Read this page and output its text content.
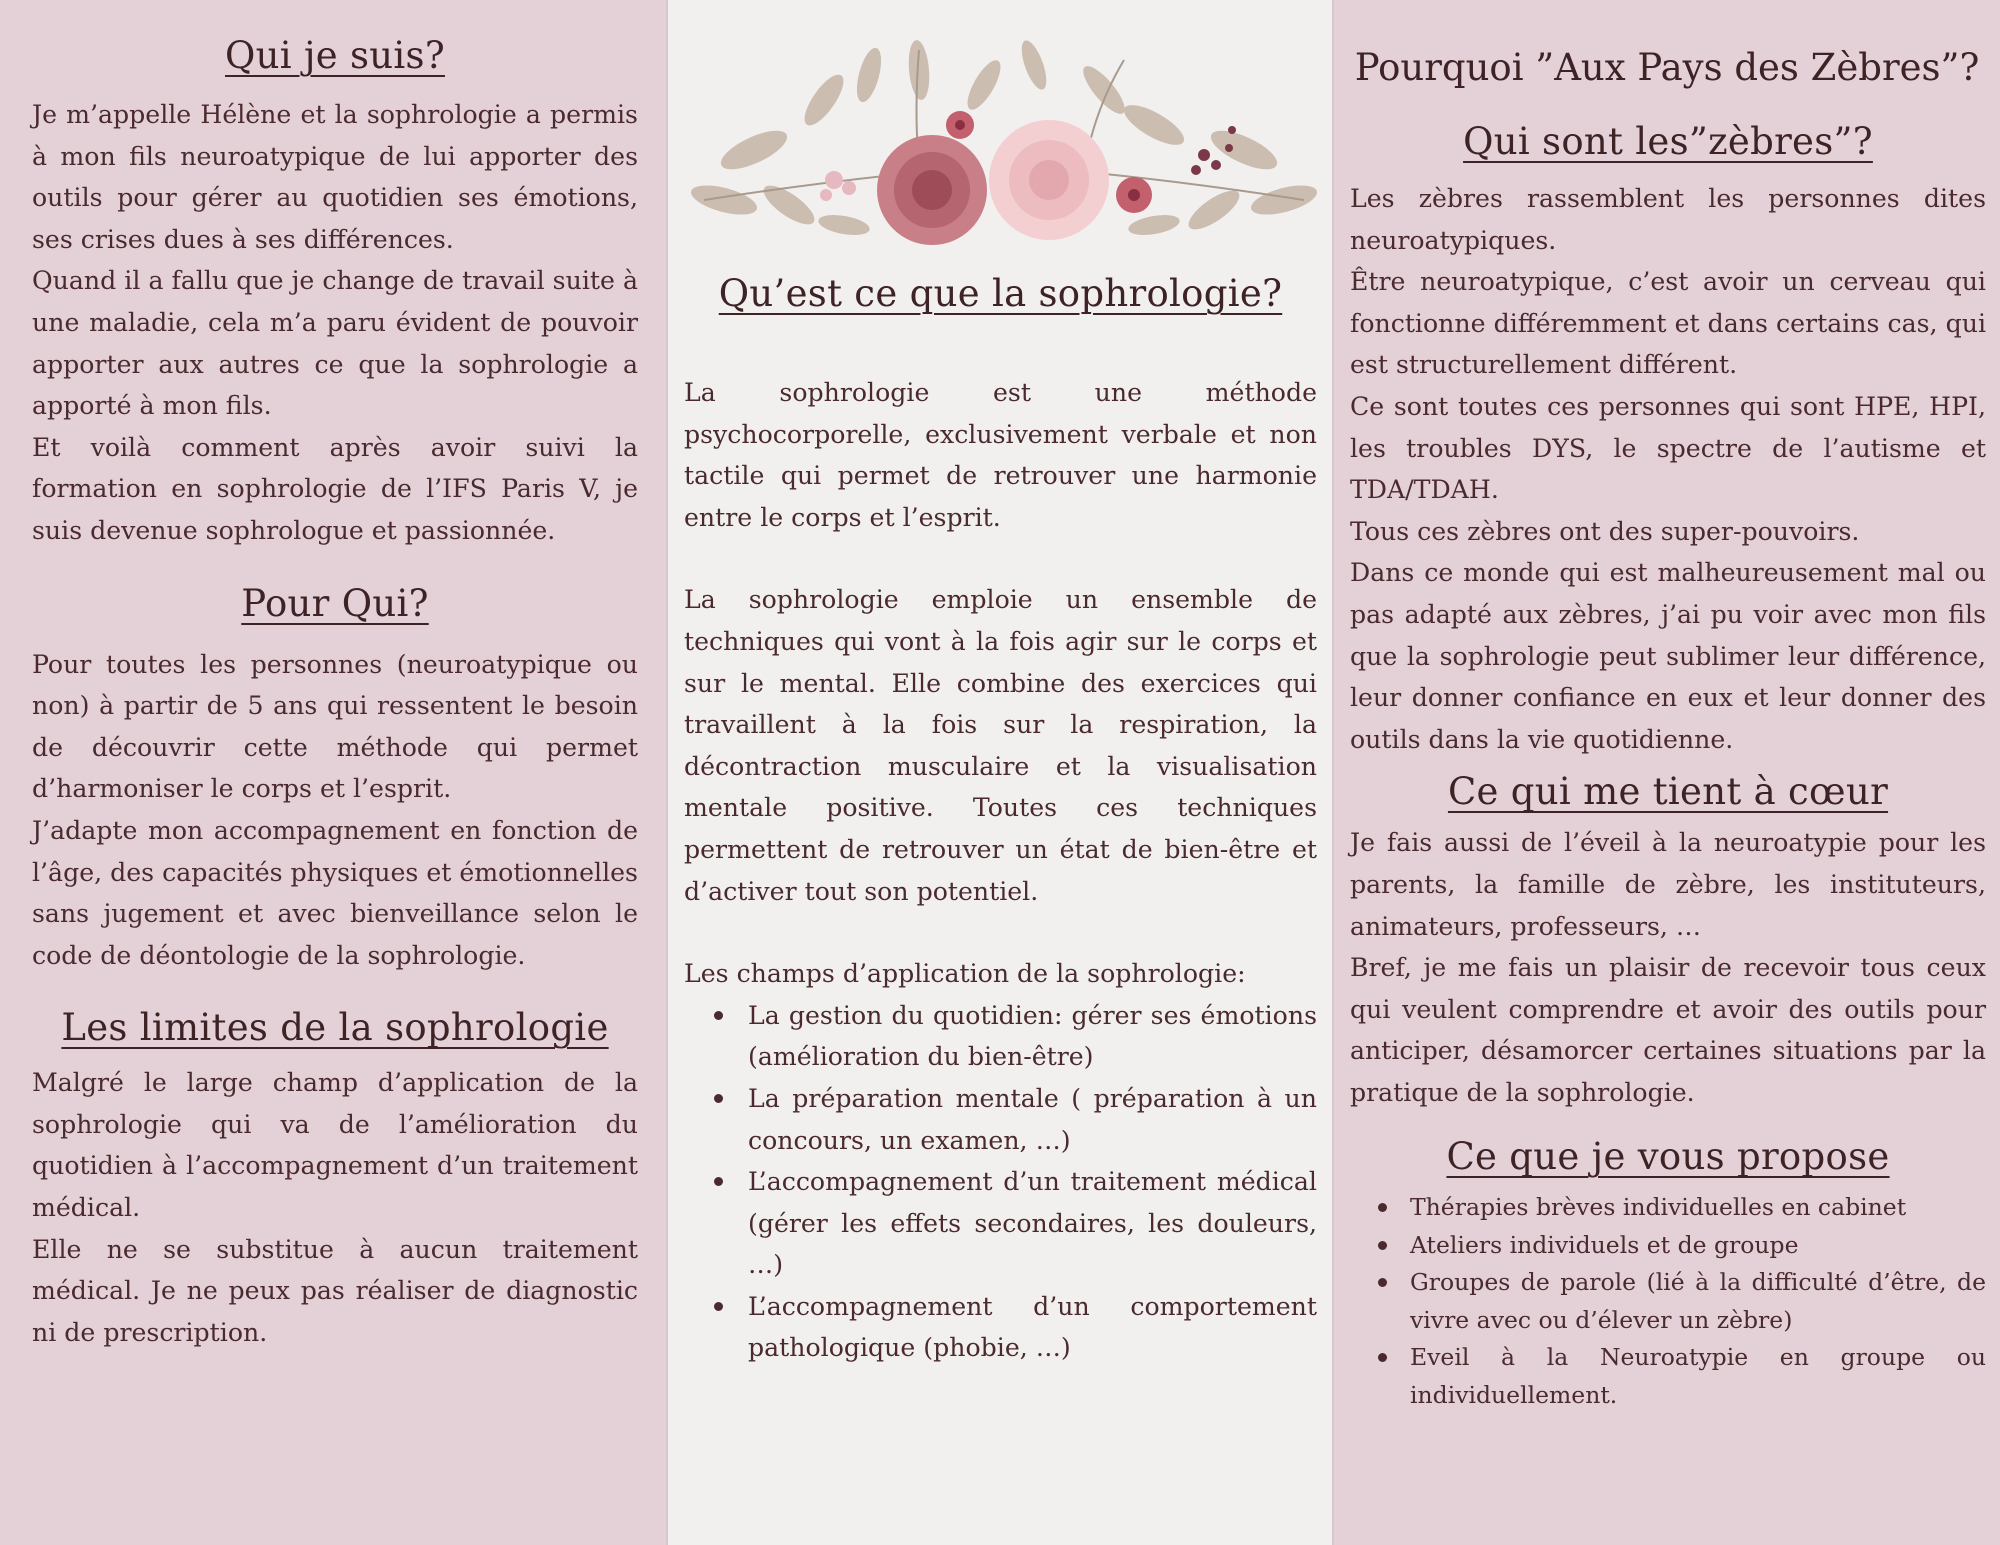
Qui je suis?

Je m’appelle Hélène et la sophrologie a permis à mon fils neuroatypique de lui apporter des outils pour gérer au quotidien ses émotions, ses crises dues à ses différences.

Quand il a fallu que je change de travail suite à une maladie, cela m’a paru évident de pouvoir apporter aux autres ce que la sophrologie a apporté à mon fils.

Et voilà comment après avoir suivi la formation en sophrologie de l’IFS Paris V, je suis devenue sophrologue et passionnée.

Pour Qui?

Pour toutes les personnes (neuroatypique ou non) à partir de 5 ans qui ressentent le besoin de découvrir cette méthode qui permet d’harmoniser le corps et l’esprit.

J’adapte mon accompagnement en fonction de l’âge, des capacités physiques et émotionnelles sans jugement et avec bienveillance selon le code de déontologie de la sophrologie.

Les limites de la sophrologie

Malgré le large champ d’application de la sophrologie qui va de l’amélioration du quotidien à l’accompagnement d’un traitement médical.

Elle ne se substitue à aucun traitement médical. Je ne peux pas réaliser de diagnostic ni de prescription.

Qu’est ce que la sophrologie?

La sophrologie est une méthode psychocorporelle, exclusivement verbale et non tactile qui permet de retrouver une harmonie entre le corps et l’esprit.

La sophrologie emploie un ensemble de techniques qui vont à la fois agir sur le corps et sur le mental. Elle combine des exercices qui travaillent à la fois sur la respiration, la décontraction musculaire et la visualisation mentale positive. Toutes ces techniques permettent de retrouver un état de bien-être et d’activer tout son potentiel.

Les champs d’application de la sophrologie:

La gestion du quotidien: gérer ses émotions (amélioration du bien-être)
La préparation mentale ( préparation à un concours, un examen, …)
L’accompagnement d’un traitement médical (gérer les effets secondaires, les douleurs, …)
L’accompagnement d’un comportement pathologique (phobie, …)
Pourquoi ”Aux Pays des Zèbres”?
Qui sont les”zèbres”?

Les zèbres rassemblent les personnes dites neuroatypiques.

Être neuroatypique, c’est avoir un cerveau qui fonctionne différemment et dans certains cas, qui est structurellement différent.

Ce sont toutes ces personnes qui sont HPE, HPI, les troubles DYS, le spectre de l’autisme et TDA/TDAH.

Tous ces zèbres ont des super-pouvoirs.

Dans ce monde qui est malheureusement mal ou pas adapté aux zèbres, j’ai pu voir avec mon fils que la sophrologie peut sublimer leur différence, leur donner confiance en eux et leur donner des outils dans la vie quotidienne.

Ce qui me tient à cœur

Je fais aussi de l’éveil à la neuroatypie pour les parents, la famille de zèbre, les instituteurs, animateurs, professeurs, …

Bref, je me fais un plaisir de recevoir tous ceux qui veulent comprendre et avoir des outils pour anticiper, désamorcer certaines situations par la pratique de la sophrologie.

Ce que je vous propose
Thérapies brèves individuelles en cabinet
Ateliers individuels et de groupe
Groupes de parole (lié à la difficulté d’être, de vivre avec ou d’élever un zèbre)
Eveil à la Neuroatypie en groupe ou individuellement.
